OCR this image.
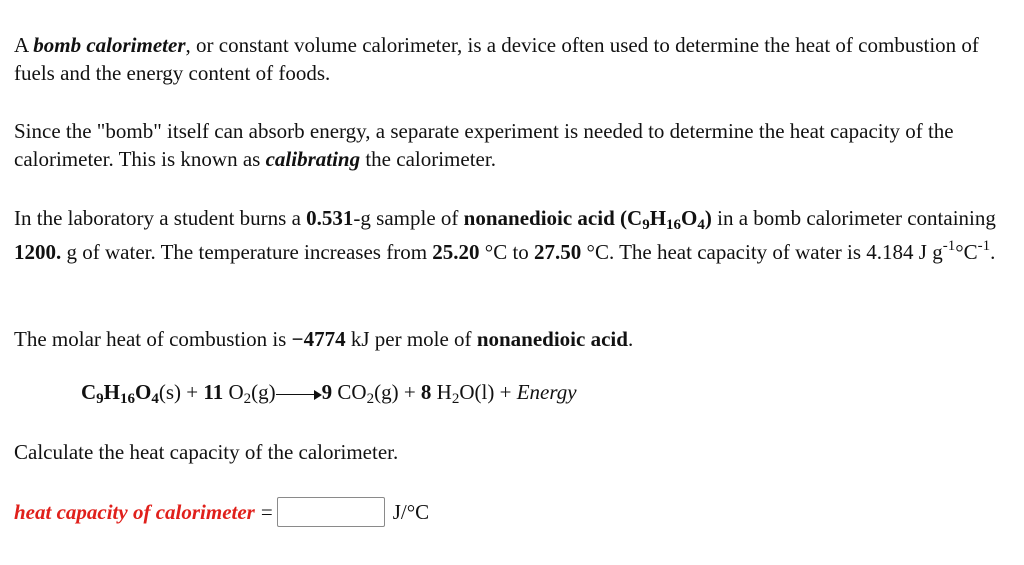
A bomb calorimeter, or constant volume calorimeter, is a device often used to determine the heat of combustion of fuels and the energy content of foods.

Since the "bomb" itself can absorb energy, a separate experiment is needed to determine the heat capacity of the calorimeter. This is known as calibrating the calorimeter.

In the laboratory a student burns a 0.531-g sample of nonanedioic acid $(C_9H_{16}O_4)$ in a bomb calorimeter containing 1200. g of water. The temperature increases from 25.20 °C to 27.50 °C. The heat capacity of water is 4.184 J $g^{-1}^\circ C^{-1}$.

The molar heat of combustion is −4774 kJ per mole of nonanedioic acid.

$C_9H_{16}O_4(s) + 11$ $O_2(g)$ 9 $CO_2(g) + 8$ $H_2O(l)$ + Energy

Calculate the heat capacity of the calorimeter.

heat capacity of calorimeter =	J/°C
